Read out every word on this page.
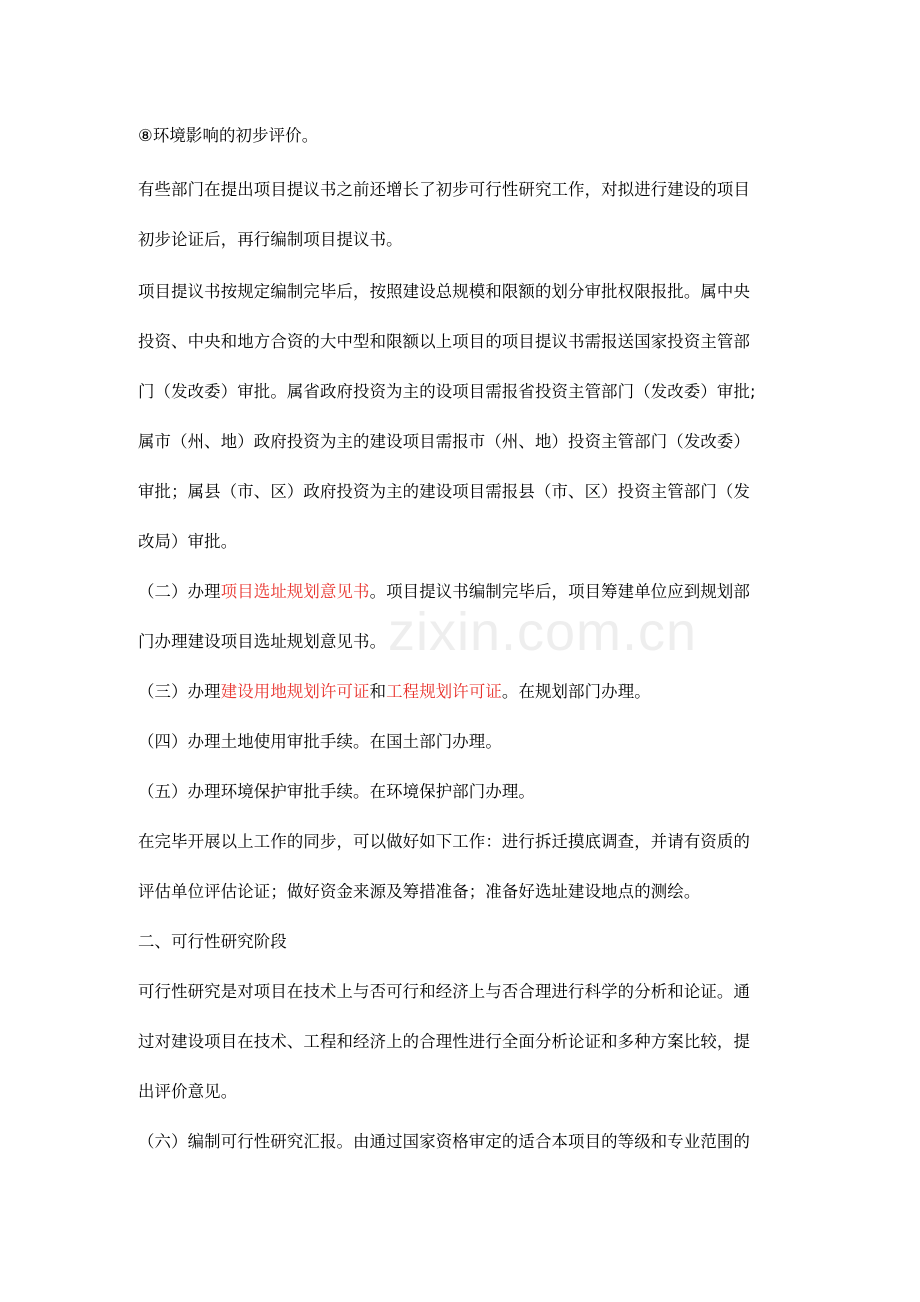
⑧环境影响的初步评价。
有些部门在提出项目提议书之前还增长了初步可行性研究工作，对拟进行建设的项目
初步论证后，再行编制项目提议书。
项目提议书按规定编制完毕后，按照建设总规模和限额的划分审批权限报批。属中央
投资、中央和地方合资的大中型和限额以上项目的项目提议书需报送国家投资主管部
门（发改委）审批。属省政府投资为主的设项目需报省投资主管部门（发改委）审批;
属市（州、地）政府投资为主的建设项目需报市（州、地）投资主管部门（发改委）
审批；属县（市、区）政府投资为主的建设项目需报县（市、区）投资主管部门（发
改局）审批。
（二）办理项目选址规划意见书。项目提议书编制完毕后，项目筹建单位应到规划部
门办理建设项目选址规划意见书。
（三）办理建设用地规划许可证和工程规划许可证。在规划部门办理。
（四）办理土地使用审批手续。在国土部门办理。
（五）办理环境保护审批手续。在环境保护部门办理。
在完毕开展以上工作的同步，可以做好如下工作：进行拆迁摸底调查，并请有资质的
评估单位评估论证；做好资金来源及筹措准备；准备好选址建设地点的测绘。
二、可行性研究阶段
可行性研究是对项目在技术上与否可行和经济上与否合理进行科学的分析和论证。通
过对建设项目在技术、工程和经济上的合理性进行全面分析论证和多种方案比较，提
出评价意见。
（六）编制可行性研究汇报。由通过国家资格审定的适合本项目的等级和专业范围的
zixin.com.cn
